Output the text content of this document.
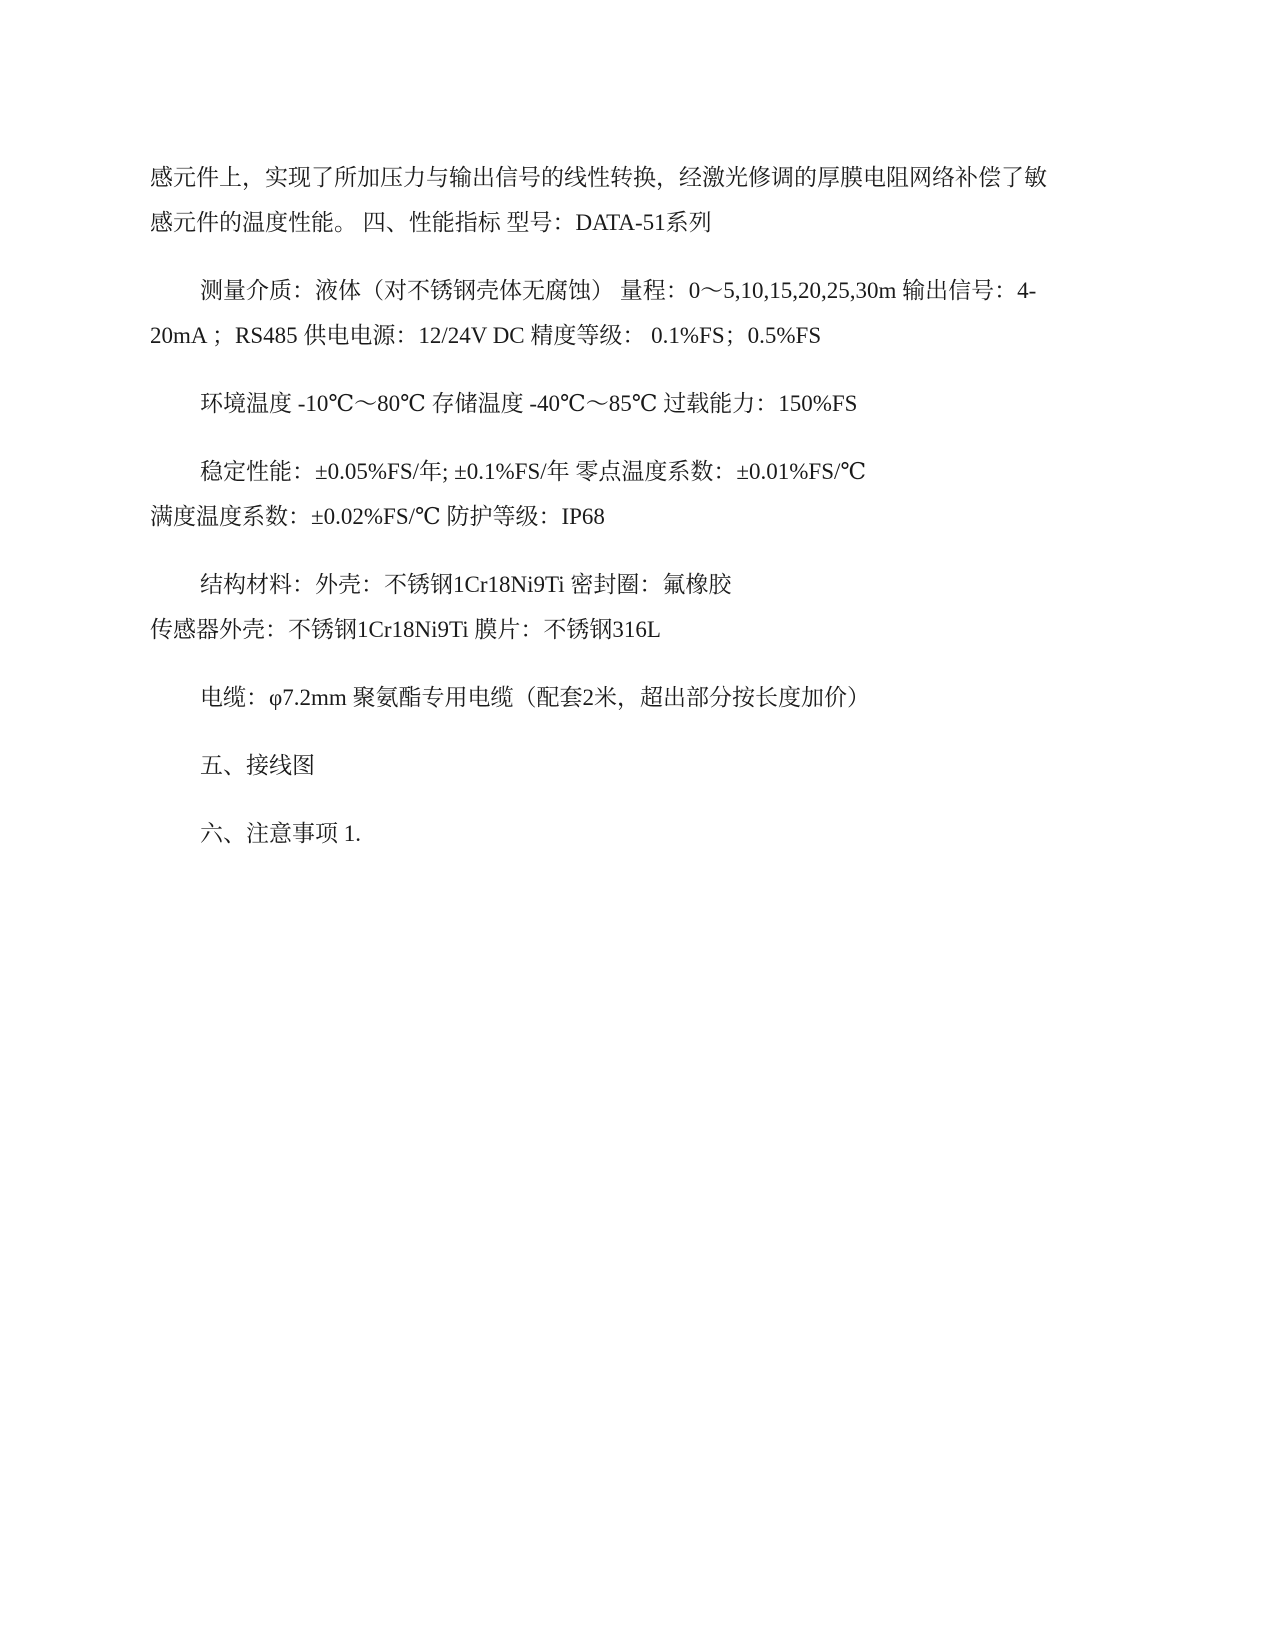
感元件上，实现了所加压力与输出信号的线性转换，经激光修调的厚膜电阻网络补偿了敏

感元件的温度性能。 四、性能指标 型号：DATA-51系列

测量介质：液体（对不锈钢壳体无腐蚀） 量程：0～5,10,15,20,25,30m 输出信号：4-

20mA ；RS485 供电电源：12/24V DC 精度等级： 0.1%FS；0.5%FS

环境温度 -10℃～80℃ 存储温度 -40℃～85℃ 过载能力：150%FS

稳定性能：±0.05%FS/年; ±0.1%FS/年 零点温度系数：±0.01%FS/℃

满度温度系数：±0.02%FS/℃ 防护等级：IP68

结构材料：外壳：不锈钢1Cr18Ni9Ti 密封圈：氟橡胶

传感器外壳：不锈钢1Cr18Ni9Ti 膜片：不锈钢316L

电缆：φ7.2mm 聚氨酯专用电缆（配套2米，超出部分按长度加价）

五、接线图

六、注意事项 1.
